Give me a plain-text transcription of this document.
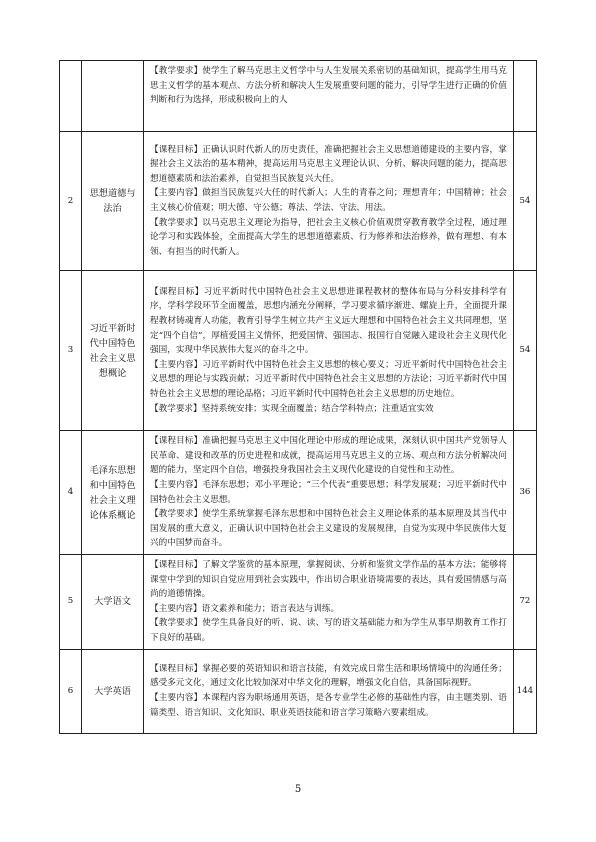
		【教学要求】使学生了解马克思主义哲学中与人生发展关系密切的基础知识，提高学生用马克思主义哲学的基本观点、方法分析和解决人生发展重要问题的能力，引导学生进行正确的价值判断和行为选择，形成积极向上的人	

2	思想道德与法治	【课程目标】正确认识时代新人的历史责任，准确把握社会主义思想道德建设的主要内容，掌握社会主义法治的基本精神，提高运用马克思主义理论认识、分析、解决问题的能力，提高思想道德素质和法治素养，自觉担当民族复兴大任。

【主要内容】做担当民族复兴大任的时代新人；人生的青春之问；理想青年；中国精神；社会主义核心价值观；明大德、守公德；尊法、学法、守法、用法。

【教学要求】以马克思主义理论为指导，把社会主义核心价值观贯穿教育教学全过程，通过理论学习和实践体验，全面提高大学生的思想道德素质、行为修养和法治修养，做有理想、有本领、有担当的时代新人。	54
3	习近平新时代中国特色社会主义思想概论	【课程目标】习近平新时代中国特色社会主义思想进课程教材的整体布局与分科安排科学有序，学科学段环节全面覆盖，思想内涵充分阐释，学习要求循序渐进、螺旋上升，全面提升课程教材铸魂育人功能，教育引导学生树立共产主义远大理想和中国特色社会主义共同理想，坚定“四个自信”，厚植爱国主义情怀，把爱国情、强国志、报国行自觉融入建设社会主义现代化强国，实现中华民族伟大复兴的奋斗之中。

【主要内容】习近平新时代中国特色社会主义思想的核心要义；习近平新时代中国特色社会主义思想的理论与实践贡献；习近平新时代中国特色社会主义思想的方法论；习近平新时代中国特色社会主义思想的理论品格；习近平新时代中国特色社会主义思想的历史地位。

【教学要求】坚持系统安排；实现全面覆盖；结合学科特点；注重适宜实效	54
4	毛泽东思想和中国特色社会主义理论体系概论	【课程目标】准确把握马克思主义中国化理论中形成的理论成果，深刻认识中国共产党领导人民革命、建设和改革的历史进程和成就，提高运用马克思主义的立场、观点和方法分析解决问题的能力，坚定四个自信，增强投身我国社会主义现代化建设的自觉性和主动性。

【主要内容】毛泽东思想；邓小平理论；“三个代表”重要思想；科学发展观；习近平新时代中国特色社会主义思想。

【教学要求】使学生系统掌握毛泽东思想和中国特色社会主义理论体系的基本原理及其当代中国发展的重大意义，正确认识中国特色社会主义建设的发展规律，自觉为实现中华民族伟大复兴的中国梦而奋斗。	36
5	大学语文	【课程目标】了解文学鉴赏的基本原理，掌握阅读、分析和鉴赏文学作品的基本方法；能够将课堂中学到的知识自觉应用到社会实践中，作出切合职业语境需要的表达，具有爱国情感与高尚的道德情操。

【主要内容】语文素养和能力；语言表达与训练。

【教学要求】使学生具备良好的听、说、读、写的语文基础能力和为学生从事早期教育工作打下良好的基础。	72
6	大学英语	【课程目标】掌握必要的英语知识和语言技能，有效完成日常生活和职场情境中的沟通任务；感受多元文化，通过文化比较加深对中华文化的理解，增强文化自信，具备国际视野。

【主要内容】本课程内容为职场通用英语，是各专业学生必修的基础性内容，由主题类别、语篇类型、语言知识、文化知识、职业英语技能和语言学习策略六要素组成。	144
5
